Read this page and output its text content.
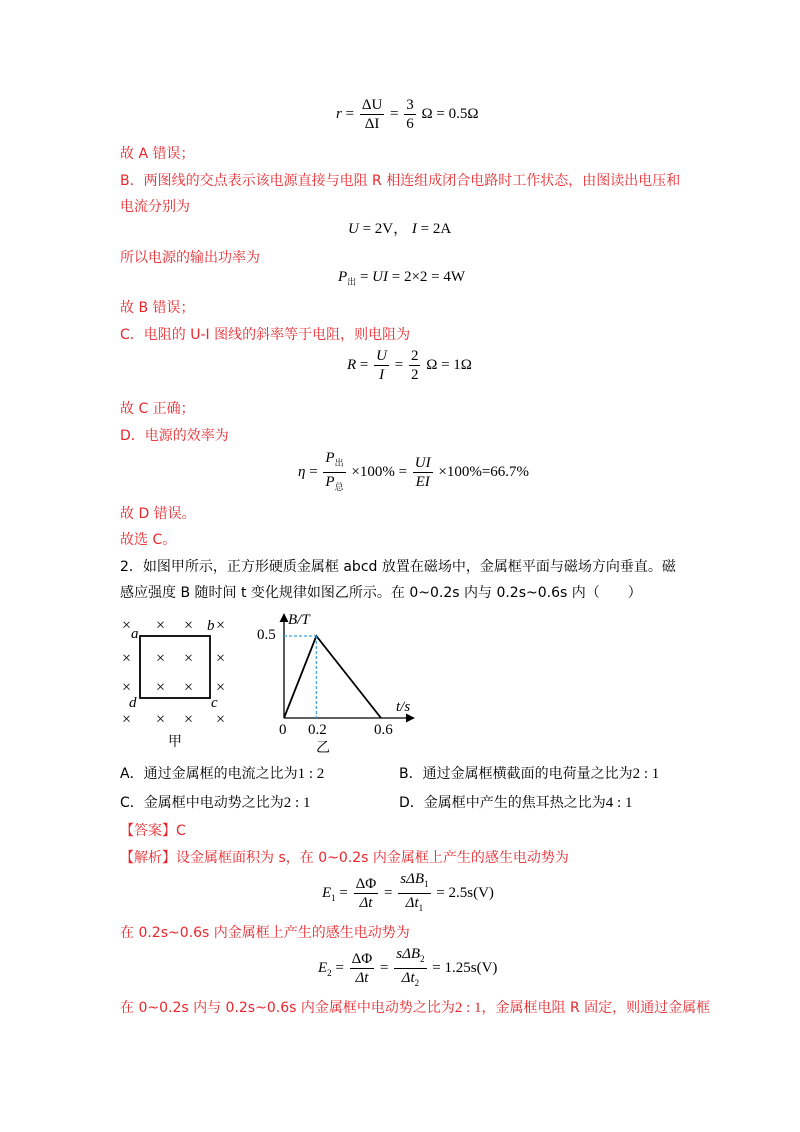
$r = \frac{\Delta U}{\Delta I} = \frac{3}{6}$ Ω = 0.5Ω
故 A 错误；
B．两图线的交点表示该电源直接与电阻 R 相连组成闭合电路时工作状态，由图读出电压和
电流分别为
U = 2V， I = 2A
所以电源的输出功率为
$P_出$ = UI = 2×2 = 4W
故 B 错误；
C．电阻的 U-I 图线的斜率等于电阻，则电阻为
$R = \frac{U}{I} = \frac{2}{2}$ Ω = 1Ω
故 C 正确；
D．电源的效率为
$\eta = \frac{P_出}{P_总} \times 100\% = \frac{UI}{EI} \times 100\%=66.7\%$
故 D 错误。
故选 C。
2．如图甲所示，正方形硬质金属框 abcd 放置在磁场中，金属框平面与磁场方向垂直。磁
感应强度 B 随时间 t 变化规律如图乙所示。在 0~0.2s 内与 0.2s~0.6s 内（　　）
× × × ×
× × × ×
× × × ×
× × × ×
a	b
c
d
甲
B/T
t/s
0.5
0 0.2	0.6
乙
A．通过金属框的电流之比为1 : 2	B．通过金属框横截面的电荷量之比为2 : 1
C．金属框中电动势之比为2 : 1	D．金属框中产生的焦耳热之比为4 : 1
【答案】C
【解析】设金属框面积为 s，在 0~0.2s 内金属框上产生的感生电动势为
$E_1 = \frac{\Delta\Phi}{\Delta t} = \frac{s\Delta B_1}{\Delta t_1} = 2.5s(V)$
在 0.2s~0.6s 内金属框上产生的感生电动势为
$E_2 = \frac{\Delta\Phi}{\Delta t} = \frac{s\Delta B_2}{\Delta t_2} = 1.25s(V)$
在 0~0.2s 内与 0.2s~0.6s 内金属框中电动势之比为2 : 1，金属框电阻 R 固定，则通过金属框
